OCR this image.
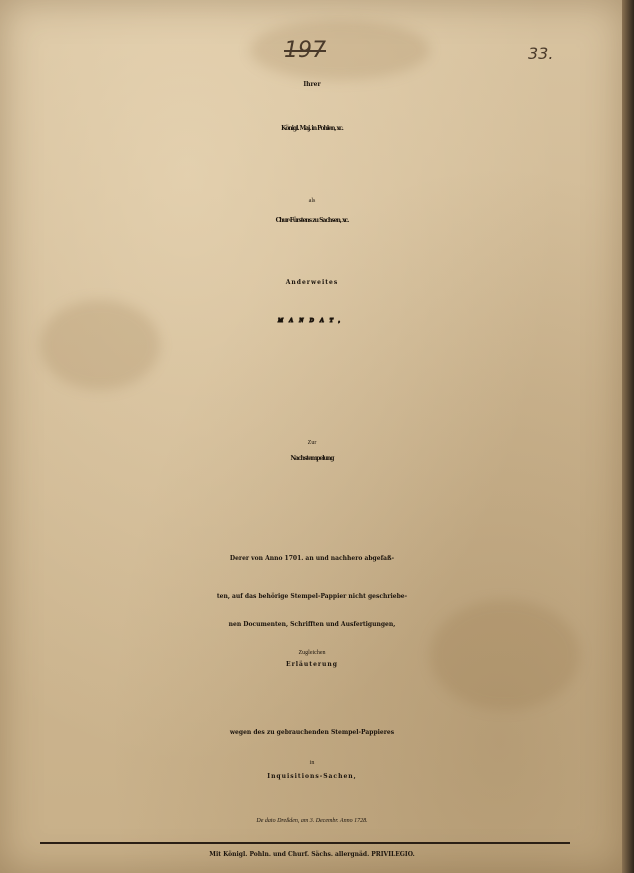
197	33.
Ihrer
Königl. Maj. in Pohlen, xc.
als
Chur-Fürstens zu Sachsen, xc.
Anderweites
MANDAT,
Zur
Nachstempelung
Derer von Anno 1701. an und nachhero abgefaß-
ten, auf das behörige Stempel-Pappier nicht geschriebe-
nen Documenten, Schrifften und Ausfertigungen,
Zugleichen
Erläuterung
wegen des zu gebrauchenden Stempel-Pappieres
in
Inquisitions-Sachen,
De dato Dreßden, am 3. Decembr. Anno 1728.
Mit Königl. Pohln. und Churf. Sächs. allergnäd. PRIVILEGIO.
